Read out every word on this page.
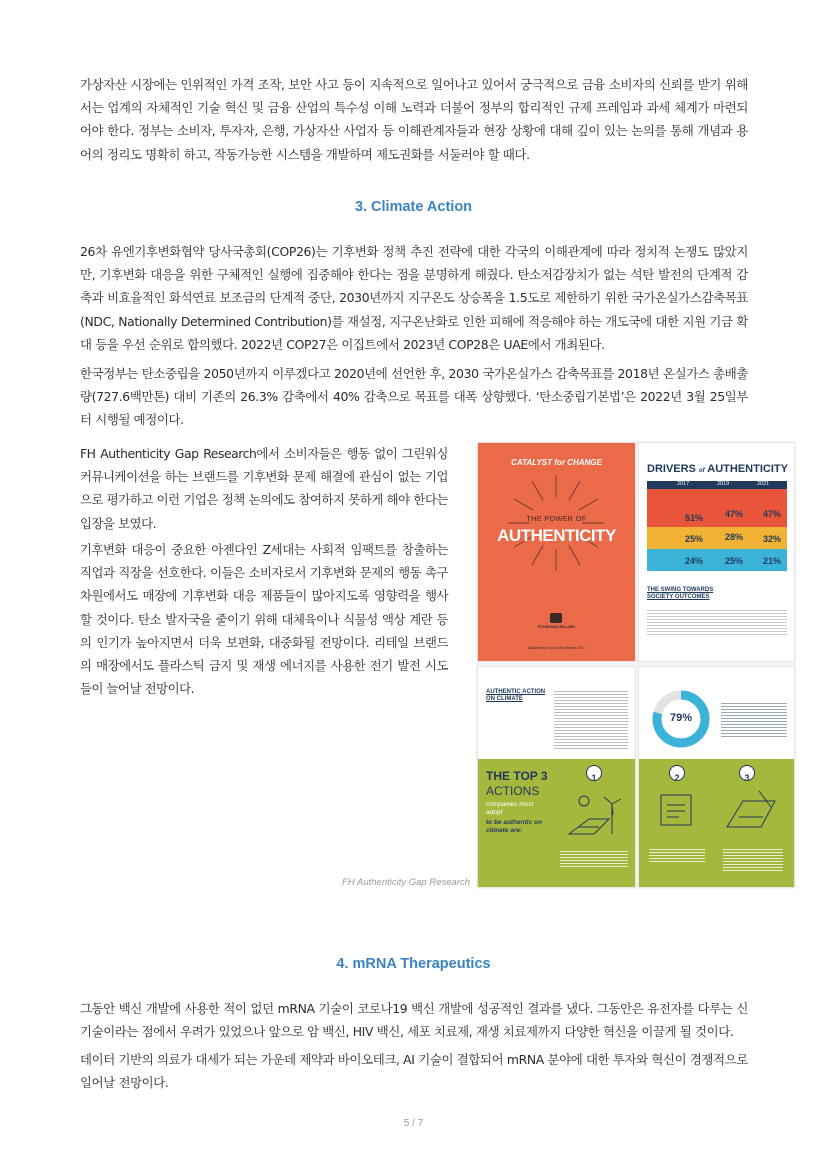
가상자산 시장에는 인위적인 가격 조작, 보안 사고 등이 지속적으로 일어나고 있어서 궁극적으로 금융 소비자의 신뢰를 받기 위해서는 업계의 자체적인 기술 혁신 및 금융 산업의 특수성 이해 노력과 더불어 정부의 합리적인 규제 프레임과 과세 체계가 마련되어야 한다. 정부는 소비자, 투자자, 은행, 가상자산 사업자 등 이해관계자들과 현장 상황에 대해 깊이 있는 논의를 통해 개념과 용어의 정리도 명확히 하고, 작동가능한 시스템을 개발하며 제도권화를 서둘러야 할 때다.

3. Climate Action

26차 유엔기후변화협약 당사국총회(COP26)는 기후변화 정책 추진 전략에 대한 각국의 이해관계에 따라 정치적 논쟁도 많았지만, 기후변화 대응을 위한 구체적인 실행에 집중해야 한다는 점을 분명하게 해줬다. 탄소저감장치가 없는 석탄 발전의 단계적 감축과 비효율적인 화석연료 보조금의 단계적 중단, 2030년까지 지구온도 상승폭을 1.5도로 제한하기 위한 국가온실가스감축목표(NDC, Nationally Determined Contribution)를 재설정, 지구온난화로 인한 피해에 적응해야 하는 개도국에 대한 지원 기금 확대 등을 우선 순위로 합의했다. 2022년 COP27은 이집트에서 2023년 COP28은 UAE에서 개최된다.

한국정부는 탄소중립을 2050년까지 이루겠다고 2020년에 선언한 후, 2030 국가온실가스 감축목표를 2018년 온실가스 총배출량(727.6백만톤) 대비 기존의 26.3% 감축에서 40% 감축으로 목표를 대폭 상향했다. ‘탄소중립기본법’은 2022년 3월 25일부터 시행될 예정이다.

FH Authenticity Gap Research에서 소비자들은 행동 없이 그린워싱 커뮤니케이션을 하는 브랜드를 기후변화 문제 해결에 관심이 없는 기업으로 평가하고 이런 기업은 정책 논의에도 참여하지 못하게 해야 한다는 입장을 보였다.

기후변화 대응이 중요한 아젠다인 Z세대는 사회적 임팩트를 창출하는 직업과 직장을 선호한다. 이들은 소비자로서 기후변화 문제의 행동 촉구 차원에서도 매장에 기후변화 대응 제품들이 많아지도록 영향력을 행사할 것이다. 탄소 발자국을 줄이기 위해 대체육이나 식물성 액상 계란 등의 인기가 높아지면서 더욱 보편화, 대중화될 전망이다. 리테일 브랜드의 매장에서도 플라스틱 금지 및 재생 에너지를 사용한 전기 발전 시도들이 늘어날 전망이다.

CATALYST for CHANGE
THE POWER OF
AUTHENTICITY
FLEISHMAN HILLARD
Authenticity Gap Global Report 2021
DRIVERS of AUTHENTICITY
2017	2019	2021
51% 47% 47%
25% 28% 32%
24% 25% 21%
THE SWING TOWARDS SOCIETY OUTCOMES
AUTHENTIC ACTION ON CLIMATE
THE TOP 3
ACTIONS
companies must adopt
to be authentic on climate are:
1
79%
2	3
FH Authenticity Gap Research
4. mRNA Therapeutics

그동안 백신 개발에 사용한 적이 없던 mRNA 기술이 코로나19 백신 개발에 성공적인 결과를 냈다. 그동안은 유전자를 다루는 신기술이라는 점에서 우려가 있었으나 앞으로 암 백신, HIV 백신, 세포 치료제, 재생 치료제까지 다양한 혁신을 이끌게 될 것이다.

데이터 기반의 의료가 대세가 되는 가운데 제약과 바이오테크, AI 기술이 결합되어 mRNA 분야에 대한 투자와 혁신이 경쟁적으로 일어날 전망이다.

5 / 7
